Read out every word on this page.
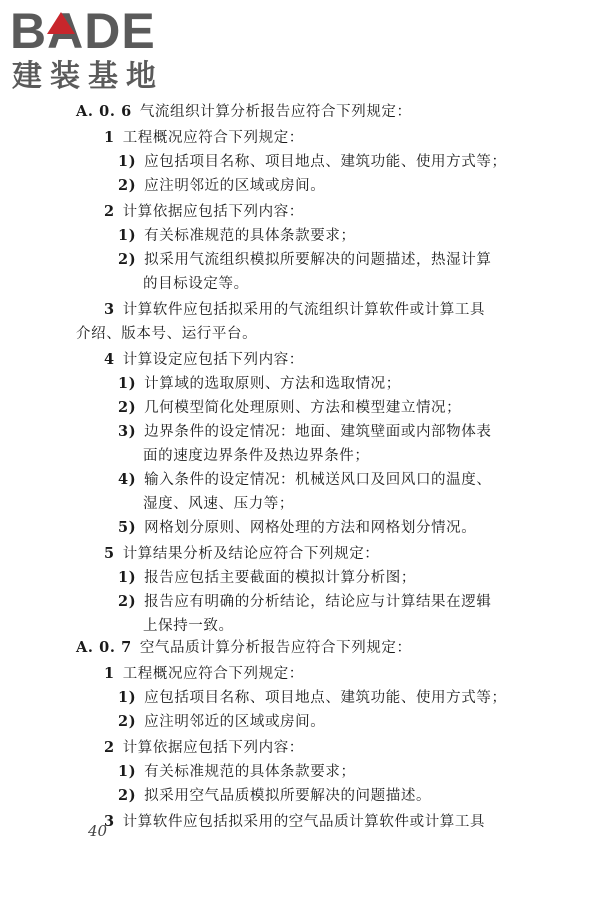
BADE
建装基地
A. 0. 6 气流组织计算分析报告应符合下列规定：
1 工程概况应符合下列规定：
1) 应包括项目名称、项目地点、建筑功能、使用方式等；
2) 应注明邻近的区域或房间。
2 计算依据应包括下列内容：
1) 有关标准规范的具体条款要求；
2) 拟采用气流组织模拟所要解决的问题描述，热湿计算
的目标设定等。
3 计算软件应包括拟采用的气流组织计算软件或计算工具
介绍、版本号、运行平台。
4 计算设定应包括下列内容：
1) 计算域的选取原则、方法和选取情况；
2) 几何模型简化处理原则、方法和模型建立情况；
3) 边界条件的设定情况：地面、建筑壁面或内部物体表
面的速度边界条件及热边界条件；
4) 输入条件的设定情况：机械送风口及回风口的温度、
湿度、风速、压力等；
5) 网格划分原则、网格处理的方法和网格划分情况。
5 计算结果分析及结论应符合下列规定：
1) 报告应包括主要截面的模拟计算分析图；
2) 报告应有明确的分析结论，结论应与计算结果在逻辑
上保持一致。
A. 0. 7 空气品质计算分析报告应符合下列规定：
1 工程概况应符合下列规定：
1) 应包括项目名称、项目地点、建筑功能、使用方式等；
2) 应注明邻近的区域或房间。
2 计算依据应包括下列内容：
1) 有关标准规范的具体条款要求；
2) 拟采用空气品质模拟所要解决的问题描述。
3 计算软件应包括拟采用的空气品质计算软件或计算工具
40
